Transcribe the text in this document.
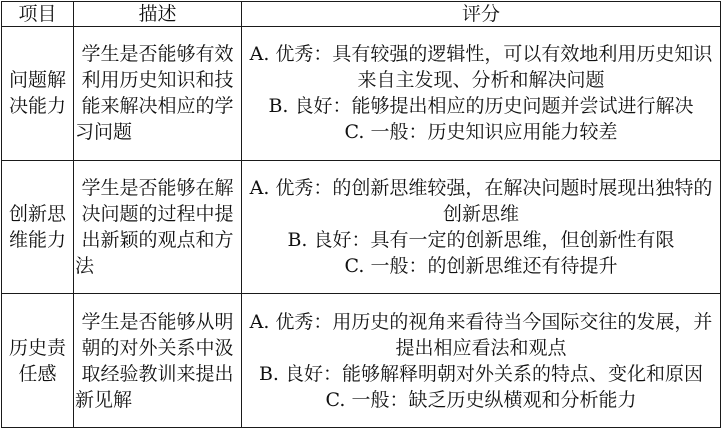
项目	描述	评分
问题解决能力	学生是否能够有效利用历史知识和技能来解决相应的学习问题	A. 优秀：具有较强的逻辑性，可以有效地利用历史知识来自主发现、分析和解决问题
B. 良好：能够提出相应的历史问题并尝试进行解决
C. 一般：历史知识应用能力较差

创新思维能力	学生是否能够在解决问题的过程中提出新颖的观点和方法	A. 优秀：的创新思维较强，在解决问题时展现出独特的创新思维
B. 良好：具有一定的创新思维，但创新性有限
C. 一般：的创新思维还有待提升

历史责任感	学生是否能够从明朝的对外关系中汲取经验教训来提出新见解	A. 优秀：用历史的视角来看待当今国际交往的发展，并提出相应看法和观点
B. 良好：能够解释明朝对外关系的特点、变化和原因
C. 一般：缺乏历史纵横观和分析能力
